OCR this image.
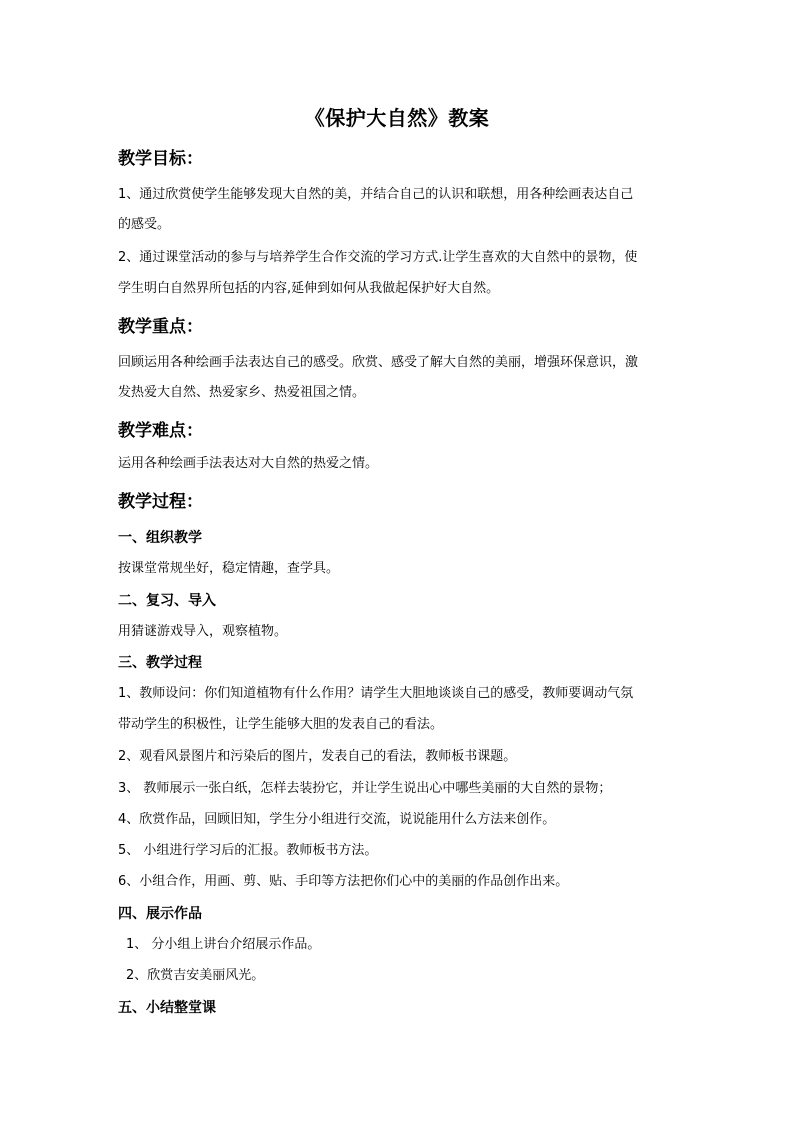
《保护大自然》教案
教学目标：
1、通过欣赏使学生能够发现大自然的美，并结合自己的认识和联想，用各种绘画表达自己
的感受。
2、通过课堂活动的参与与培养学生合作交流的学习方式.让学生喜欢的大自然中的景物，使
学生明白自然界所包括的内容,延伸到如何从我做起保护好大自然。
教学重点：
回顾运用各种绘画手法表达自己的感受。欣赏、感受了解大自然的美丽，增强环保意识，激
发热爱大自然、热爱家乡、热爱祖国之情。
教学难点：
运用各种绘画手法表达对大自然的热爱之情。
教学过程：
一、组织教学
按课堂常规坐好，稳定情趣，查学具。
二、复习、导入
用猜谜游戏导入，观察植物。
三、教学过程
1、教师设问：你们知道植物有什么作用？请学生大胆地谈谈自己的感受，教师要调动气氛
带动学生的积极性，让学生能够大胆的发表自己的看法。
2、观看风景图片和污染后的图片，发表自己的看法，教师板书课题。
3、 教师展示一张白纸，怎样去装扮它，并让学生说出心中哪些美丽的大自然的景物；
4、欣赏作品，回顾旧知，学生分小组进行交流，说说能用什么方法来创作。
5、 小组进行学习后的汇报。教师板书方法。
6、小组合作，用画、剪、贴、手印等方法把你们心中的美丽的作品创作出来。
四、展示作品
1、 分小组上讲台介绍展示作品。
2、欣赏吉安美丽风光。
五、小结整堂课
